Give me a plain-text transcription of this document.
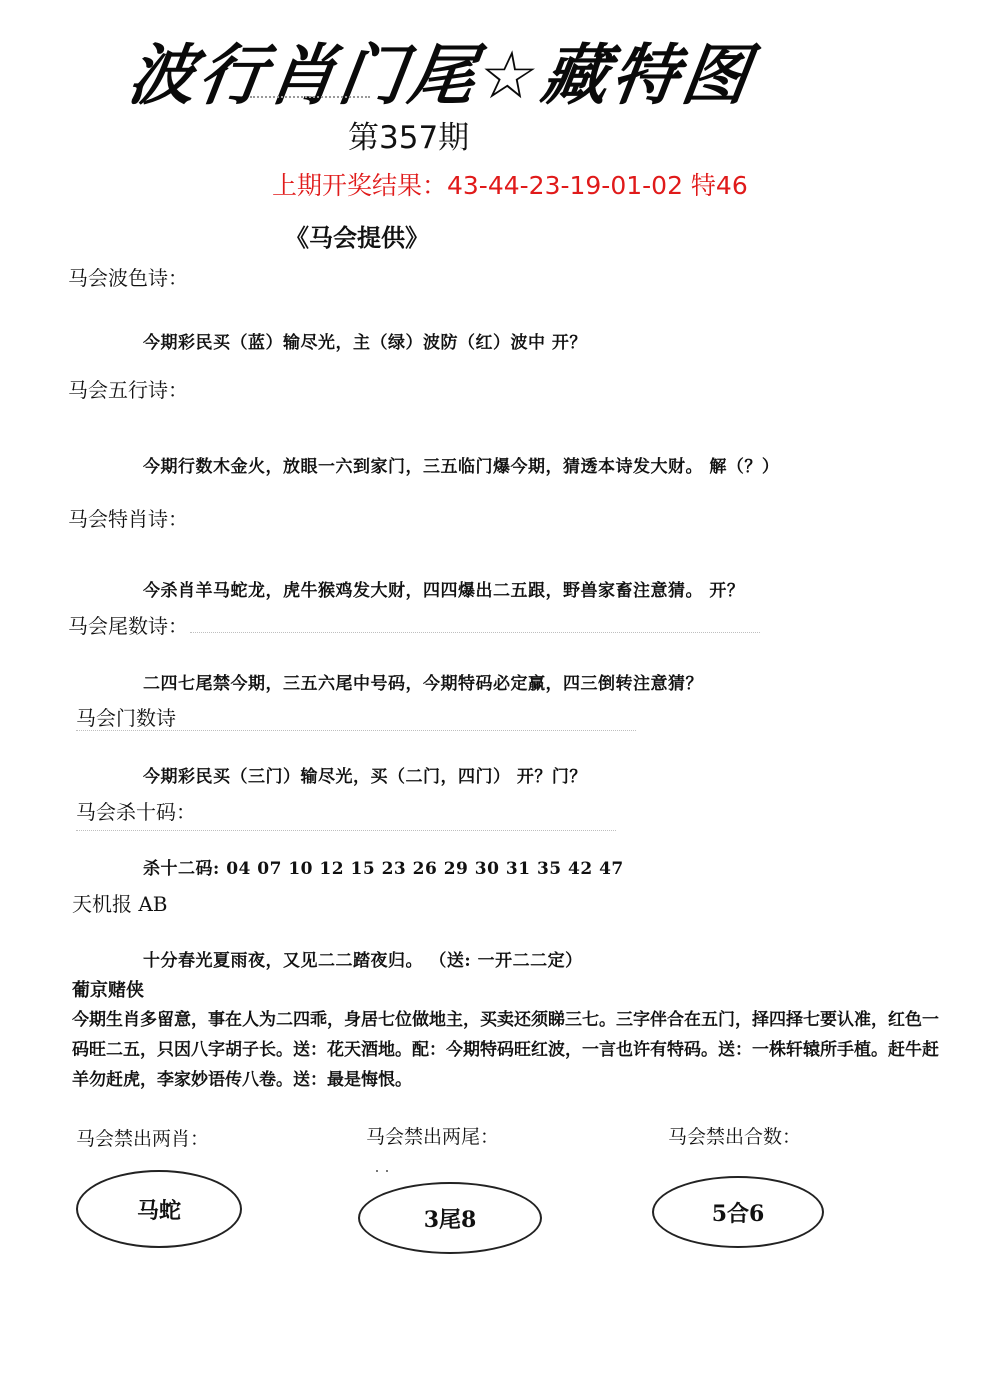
波行肖门尾☆藏特图
第357期
上期开奖结果：43-44-23-19-01-02 特46
《马会提供》
马会波色诗：
今期彩民买（蓝）输尽光，主（绿）波防（红）波中 开？
马会五行诗：
今期行数木金火，放眼一六到家门，三五临门爆今期，猜透本诗发大财。 解（？）
马会特肖诗：
今杀肖羊马蛇龙，虎牛猴鸡发大财，四四爆出二五跟，野兽家畜注意猜。 开？
马会尾数诗：
二四七尾禁今期，三五六尾中号码，今期特码必定赢，四三倒转注意猜？
马会门数诗
今期彩民买（三门）输尽光，买（二门，四门） 开？门？
马会杀十码：
杀十二码: 04 07 10 12 15 23 26 29 30 31 35 42 47
天机报 AB
十分春光夏雨夜，又见二二踏夜归。 （送: 一开二二定）
葡京赌侠
今期生肖多留意，事在人为二四乖，身居七位做地主，买卖还须睇三七。三字伴合在五门，择四择七要认准，红色一码旺二五，只因八字胡子长。送：花天酒地。配：今期特码旺红波，一言也许有特码。送：一株轩辕所手植。赶牛赶羊勿赶虎，李家妙语传八卷。送：最是悔恨。
马会禁出两肖：	马会禁出两尾：	马会禁出合数：
马蛇	3尾8	5合6
